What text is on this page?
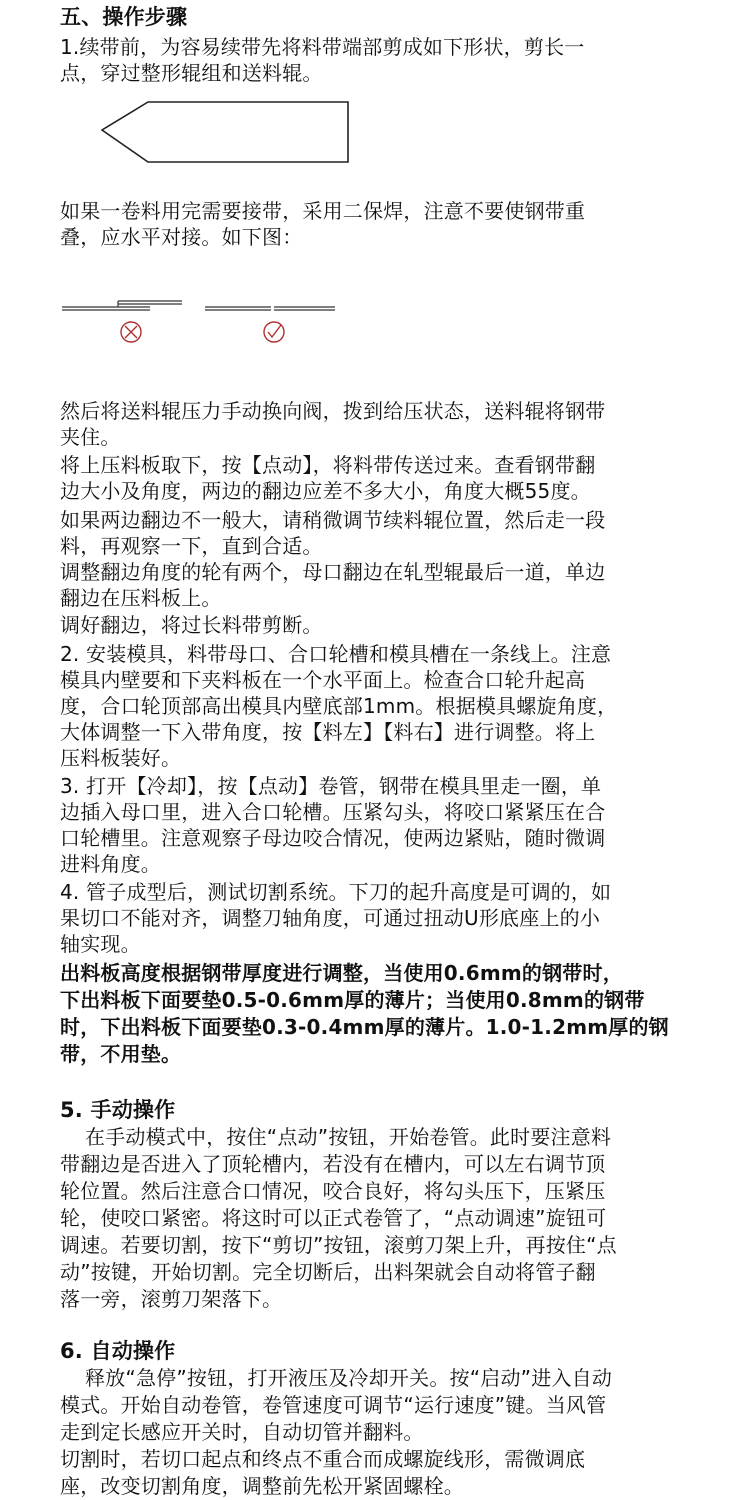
五、操作步骤
1.续带前，为容易续带先将料带端部剪成如下形状，剪长一
点，穿过整形辊组和送料辊。
如果一卷料用完需要接带，采用二保焊，注意不要使钢带重
叠，应水平对接。如下图：
然后将送料辊压力手动换向阀，拨到给压状态，送料辊将钢带
夹住。
将上压料板取下，按【点动】，将料带传送过来。查看钢带翻
边大小及角度，两边的翻边应差不多大小，角度大概55度。
如果两边翻边不一般大，请稍微调节续料辊位置，然后走一段
料，再观察一下，直到合适。
调整翻边角度的轮有两个，母口翻边在轧型辊最后一道，单边
翻边在压料板上。
调好翻边，将过长料带剪断。
2. 安装模具，料带母口、合口轮槽和模具槽在一条线上。注意
模具内壁要和下夹料板在一个水平面上。检查合口轮升起高
度，合口轮顶部高出模具内壁底部1mm。根据模具螺旋角度，
大体调整一下入带角度，按【料左】【料右】进行调整。将上
压料板装好。
3. 打开【冷却】，按【点动】卷管，钢带在模具里走一圈，单
边插入母口里，进入合口轮槽。压紧勾头，将咬口紧紧压在合
口轮槽里。注意观察子母边咬合情况，使两边紧贴，随时微调
进料角度。
4. 管子成型后，测试切割系统。下刀的起升高度是可调的，如
果切口不能对齐，调整刀轴角度，可通过扭动U形底座上的小
轴实现。
出料板高度根据钢带厚度进行调整，当使用0.6mm的钢带时，
下出料板下面要垫0.5-0.6mm厚的薄片；当使用0.8mm的钢带
时，下出料板下面要垫0.3-0.4mm厚的薄片。1.0-1.2mm厚的钢
带，不用垫。
5. 手动操作
在手动模式中，按住“点动”按钮，开始卷管。此时要注意料
带翻边是否进入了顶轮槽内，若没有在槽内，可以左右调节顶
轮位置。然后注意合口情况，咬合良好，将勾头压下，压紧压
轮，使咬口紧密。将这时可以正式卷管了，“点动调速”旋钮可
调速。若要切割，按下“剪切”按钮，滚剪刀架上升，再按住“点
动”按键，开始切割。完全切断后，出料架就会自动将管子翻
落一旁，滚剪刀架落下。
6. 自动操作
释放“急停”按钮，打开液压及冷却开关。按“启动”进入自动
模式。开始自动卷管，卷管速度可调节“运行速度”键。当风管
走到定长感应开关时，自动切管并翻料。
切割时，若切口起点和终点不重合而成螺旋线形，需微调底
座，改变切割角度，调整前先松开紧固螺栓。
